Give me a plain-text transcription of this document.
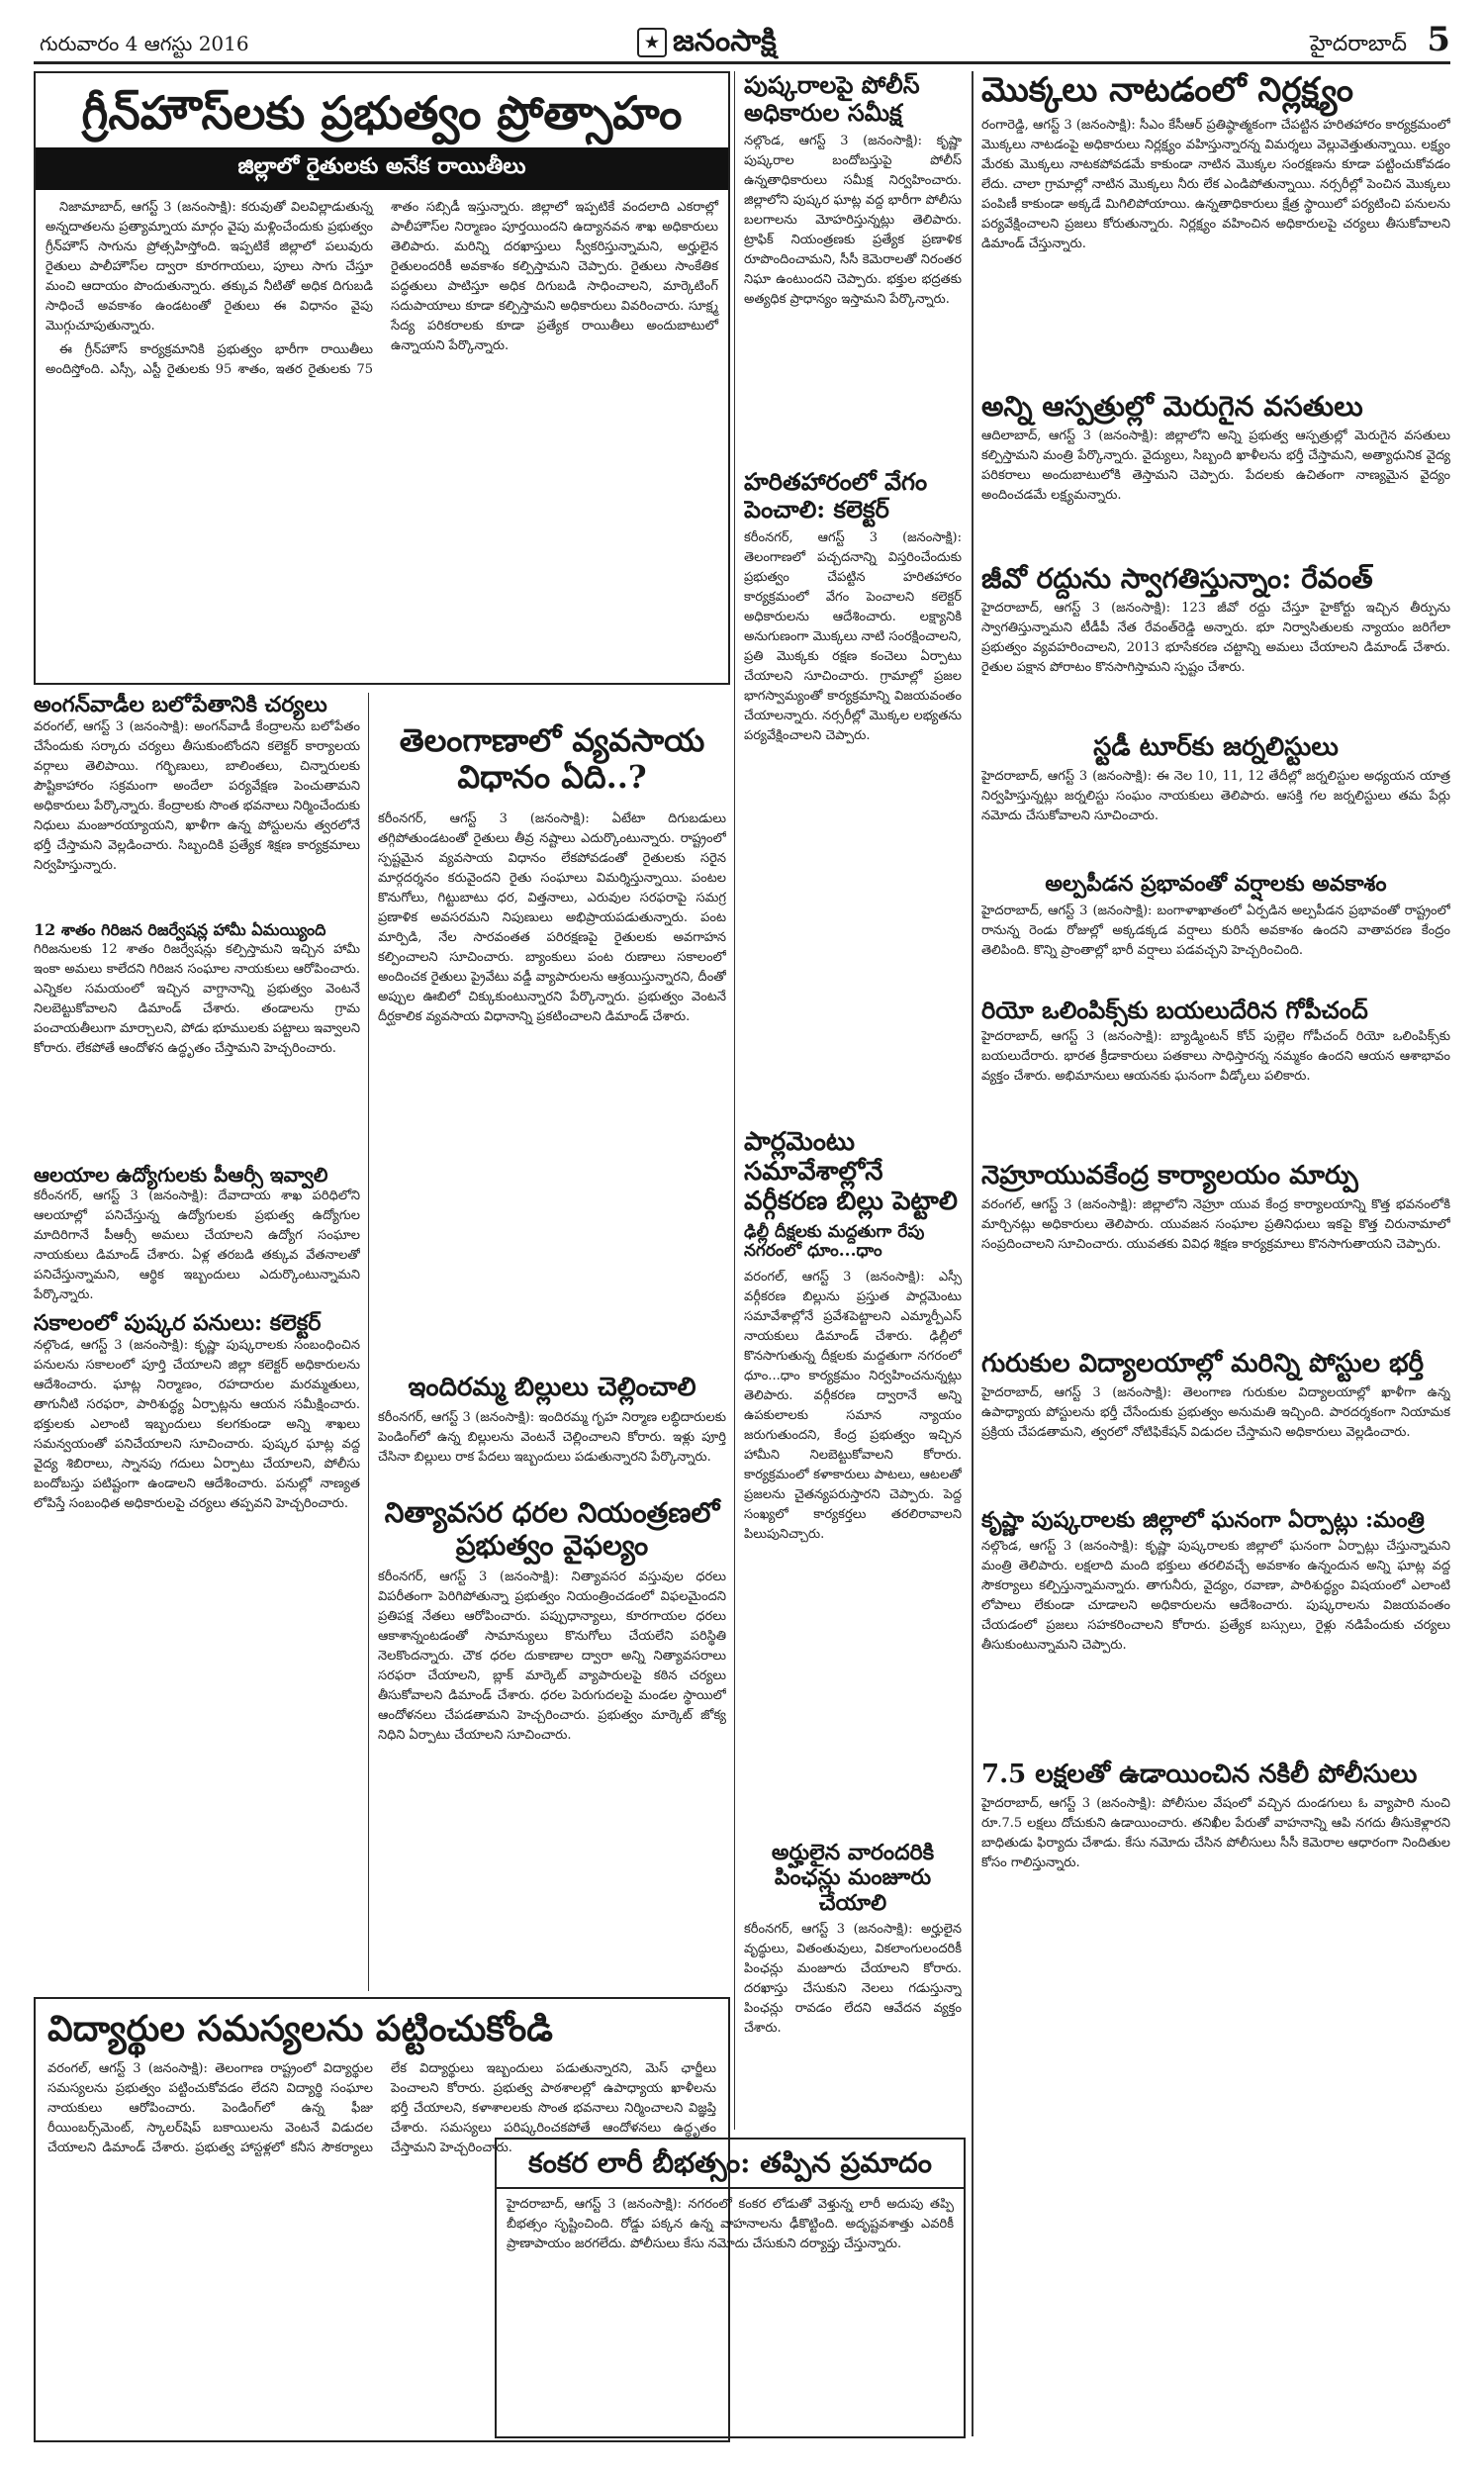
గురువారం 4 ఆగస్టు 2016	★ జనంసాక్షి	హైదరాబాద్ 5
గ్రీన్‌హౌస్‌లకు ప్రభుత్వం ప్రోత్సాహం
జిల్లాలో రైతులకు అనేక రాయితీలు

నిజామాబాద్, ఆగస్ట్ 3 (జనంసాక్షి): కరువుతో విలవిల్లాడుతున్న అన్నదాతలను ప్రత్యామ్నాయ మార్గం వైపు మళ్లించేందుకు ప్రభుత్వం గ్రీన్‌హౌస్ సాగును ప్రోత్సహిస్తోంది. ఇప్పటికే జిల్లాలో పలువురు రైతులు పాలీహౌస్‌ల ద్వారా కూరగాయలు, పూలు సాగు చేస్తూ మంచి ఆదాయం పొందుతున్నారు. తక్కువ నీటితో అధిక దిగుబడి సాధించే అవకాశం ఉండటంతో రైతులు ఈ విధానం వైపు మొగ్గుచూపుతున్నారు.

ఈ గ్రీన్‌హౌస్ కార్యక్రమానికి ప్రభుత్వం భారీగా రాయితీలు అందిస్తోంది. ఎస్సీ, ఎస్టీ రైతులకు 95 శాతం, ఇతర రైతులకు 75 శాతం సబ్సిడీ ఇస్తున్నారు. జిల్లాలో ఇప్పటికే వందలాది ఎకరాల్లో పాలీహౌస్‌ల నిర్మాణం పూర్తయిందని ఉద్యానవన శాఖ అధికారులు తెలిపారు. మరిన్ని దరఖాస్తులు స్వీకరిస్తున్నామని, అర్హులైన రైతులందరికీ అవకాశం కల్పిస్తామని చెప్పారు. రైతులు సాంకేతిక పద్ధతులు పాటిస్తూ అధిక దిగుబడి సాధించాలని, మార్కెటింగ్ సదుపాయాలు కూడా కల్పిస్తామని అధికారులు వివరించారు. సూక్ష్మ సేద్య పరికరాలకు కూడా ప్రత్యేక రాయితీలు అందుబాటులో ఉన్నాయని పేర్కొన్నారు.

అంగన్‌వాడీల బలోపేతానికి చర్యలు
వరంగల్, ఆగస్ట్ 3 (జనంసాక్షి): అంగన్‌వాడీ కేంద్రాలను బలోపేతం చేసేందుకు సర్కారు చర్యలు తీసుకుంటోందని కలెక్టర్ కార్యాలయ వర్గాలు తెలిపాయి. గర్భిణులు, బాలింతలు, చిన్నారులకు పౌష్టికాహారం సక్రమంగా అందేలా పర్యవేక్షణ పెంచుతామని అధికారులు పేర్కొన్నారు. కేంద్రాలకు సొంత భవనాలు నిర్మించేందుకు నిధులు మంజూరయ్యాయని, ఖాళీగా ఉన్న పోస్టులను త్వరలోనే భర్తీ చేస్తామని వెల్లడించారు. సిబ్బందికి ప్రత్యేక శిక్షణ కార్యక్రమాలు నిర్వహిస్తున్నారు.
12 శాతం గిరిజన రిజర్వేషన్ల హామీ ఏమయ్యింది
గిరిజనులకు 12 శాతం రిజర్వేషన్లు కల్పిస్తామని ఇచ్చిన హామీ ఇంకా అమలు కాలేదని గిరిజన సంఘాల నాయకులు ఆరోపించారు. ఎన్నికల సమయంలో ఇచ్చిన వాగ్దానాన్ని ప్రభుత్వం వెంటనే నిలబెట్టుకోవాలని డిమాండ్ చేశారు. తండాలను గ్రామ పంచాయతీలుగా మార్చాలని, పోడు భూములకు పట్టాలు ఇవ్వాలని కోరారు. లేకపోతే ఆందోళన ఉద్ధృతం చేస్తామని హెచ్చరించారు.
ఆలయాల ఉద్యోగులకు పీఆర్సీ ఇవ్వాలి
కరీంనగర్, ఆగస్ట్ 3 (జనంసాక్షి): దేవాదాయ శాఖ పరిధిలోని ఆలయాల్లో పనిచేస్తున్న ఉద్యోగులకు ప్రభుత్వ ఉద్యోగుల మాదిరిగానే పీఆర్సీ అమలు చేయాలని ఉద్యోగ సంఘాల నాయకులు డిమాండ్ చేశారు. ఏళ్ల తరబడి తక్కువ వేతనాలతో పనిచేస్తున్నామని, ఆర్థిక ఇబ్బందులు ఎదుర్కొంటున్నామని పేర్కొన్నారు.
సకాలంలో పుష్కర పనులు: కలెక్టర్
నల్గొండ, ఆగస్ట్ 3 (జనంసాక్షి): కృష్ణా పుష్కరాలకు సంబంధించిన పనులను సకాలంలో పూర్తి చేయాలని జిల్లా కలెక్టర్ అధికారులను ఆదేశించారు. ఘాట్ల నిర్మాణం, రహదారుల మరమ్మతులు, తాగునీటి సరఫరా, పారిశుద్ధ్య ఏర్పాట్లను ఆయన సమీక్షించారు. భక్తులకు ఎలాంటి ఇబ్బందులు కలగకుండా అన్ని శాఖలు సమన్వయంతో పనిచేయాలని సూచించారు. పుష్కర ఘాట్ల వద్ద వైద్య శిబిరాలు, స్నానపు గదులు ఏర్పాటు చేయాలని, పోలీసు బందోబస్తు పటిష్టంగా ఉండాలని ఆదేశించారు. పనుల్లో నాణ్యత లోపిస్తే సంబంధిత అధికారులపై చర్యలు తప్పవని హెచ్చరించారు.
తెలంగాణాలో వ్యవసాయ విధానం ఏది..?
కరీంనగర్, ఆగస్ట్ 3 (జనంసాక్షి): ఏటేటా దిగుబడులు తగ్గిపోతుండటంతో రైతులు తీవ్ర నష్టాలు ఎదుర్కొంటున్నారు. రాష్ట్రంలో స్పష్టమైన వ్యవసాయ విధానం లేకపోవడంతో రైతులకు సరైన మార్గదర్శనం కరువైందని రైతు సంఘాలు విమర్శిస్తున్నాయి. పంటల కొనుగోలు, గిట్టుబాటు ధర, విత్తనాలు, ఎరువుల సరఫరాపై సమగ్ర ప్రణాళిక అవసరమని నిపుణులు అభిప్రాయపడుతున్నారు. పంట మార్పిడి, నేల సారవంతత పరిరక్షణపై రైతులకు అవగాహన కల్పించాలని సూచించారు. బ్యాంకులు పంట రుణాలు సకాలంలో అందించక రైతులు ప్రైవేటు వడ్డీ వ్యాపారులను ఆశ్రయిస్తున్నారని, దీంతో అప్పుల ఊబిలో చిక్కుకుంటున్నారని పేర్కొన్నారు. ప్రభుత్వం వెంటనే దీర్ఘకాలిక వ్యవసాయ విధానాన్ని ప్రకటించాలని డిమాండ్ చేశారు.
ఇందిరమ్మ బిల్లులు చెల్లించాలి
కరీంనగర్, ఆగస్ట్ 3 (జనంసాక్షి): ఇందిరమ్మ గృహ నిర్మాణ లబ్ధిదారులకు పెండింగ్‌లో ఉన్న బిల్లులను వెంటనే చెల్లించాలని కోరారు. ఇళ్లు పూర్తి చేసినా బిల్లులు రాక పేదలు ఇబ్బందులు పడుతున్నారని పేర్కొన్నారు.
నిత్యావసర ధరల నియంత్రణలో ప్రభుత్వం వైఫల్యం
కరీంనగర్, ఆగస్ట్ 3 (జనంసాక్షి): నిత్యావసర వస్తువుల ధరలు విపరీతంగా పెరిగిపోతున్నా ప్రభుత్వం నియంత్రించడంలో విఫలమైందని ప్రతిపక్ష నేతలు ఆరోపించారు. పప్పుధాన్యాలు, కూరగాయల ధరలు ఆకాశాన్నంటడంతో సామాన్యులు కొనుగోలు చేయలేని పరిస్థితి నెలకొందన్నారు. చౌక ధరల దుకాణాల ద్వారా అన్ని నిత్యావసరాలు సరఫరా చేయాలని, బ్లాక్ మార్కెట్ వ్యాపారులపై కఠిన చర్యలు తీసుకోవాలని డిమాండ్ చేశారు. ధరల పెరుగుదలపై మండల స్థాయిలో ఆందోళనలు చేపడతామని హెచ్చరించారు. ప్రభుత్వం మార్కెట్ జోక్య నిధిని ఏర్పాటు చేయాలని సూచించారు.
పుష్కరాలపై పోలీస్ అధికారుల సమీక్ష
నల్గొండ, ఆగస్ట్ 3 (జనంసాక్షి): కృష్ణా పుష్కరాల బందోబస్తుపై పోలీస్ ఉన్నతాధికారులు సమీక్ష నిర్వహించారు. జిల్లాలోని పుష్కర ఘాట్ల వద్ద భారీగా పోలీసు బలగాలను మోహరిస్తున్నట్లు తెలిపారు. ట్రాఫిక్ నియంత్రణకు ప్రత్యేక ప్రణాళిక రూపొందించామని, సీసీ కెమెరాలతో నిరంతర నిఘా ఉంటుందని చెప్పారు. భక్తుల భద్రతకు అత్యధిక ప్రాధాన్యం ఇస్తామని పేర్కొన్నారు.
హరితహారంలో వేగం పెంచాలి: కలెక్టర్
కరీంనగర్, ఆగస్ట్ 3 (జనంసాక్షి): తెలంగాణలో పచ్చదనాన్ని విస్తరించేందుకు ప్రభుత్వం చేపట్టిన హరితహారం కార్యక్రమంలో వేగం పెంచాలని కలెక్టర్ అధికారులను ఆదేశించారు. లక్ష్యానికి అనుగుణంగా మొక్కలు నాటి సంరక్షించాలని, ప్రతి మొక్కకు రక్షణ కంచెలు ఏర్పాటు చేయాలని సూచించారు. గ్రామాల్లో ప్రజల భాగస్వామ్యంతో కార్యక్రమాన్ని విజయవంతం చేయాలన్నారు. నర్సరీల్లో మొక్కల లభ్యతను పర్యవేక్షించాలని చెప్పారు.
పార్లమెంటు సమావేశాల్లోనే వర్గీకరణ బిల్లు పెట్టాలి
ఢిల్లీ దీక్షలకు మద్దతుగా రేపు నగరంలో ధూం...ధాం
వరంగల్, ఆగస్ట్ 3 (జనంసాక్షి): ఎస్సీ వర్గీకరణ బిల్లును ప్రస్తుత పార్లమెంటు సమావేశాల్లోనే ప్రవేశపెట్టాలని ఎమ్మార్పీఎస్ నాయకులు డిమాండ్ చేశారు. ఢిల్లీలో కొనసాగుతున్న దీక్షలకు మద్దతుగా నగరంలో ధూం...ధాం కార్యక్రమం నిర్వహించనున్నట్లు తెలిపారు. వర్గీకరణ ద్వారానే అన్ని ఉపకులాలకు సమాన న్యాయం జరుగుతుందని, కేంద్ర ప్రభుత్వం ఇచ్చిన హామీని నిలబెట్టుకోవాలని కోరారు. కార్యక్రమంలో కళాకారులు పాటలు, ఆటలతో ప్రజలను చైతన్యపరుస్తారని చెప్పారు. పెద్ద సంఖ్యలో కార్యకర్తలు తరలిరావాలని పిలుపునిచ్చారు.
అర్హులైన వారందరికి పింఛన్లు మంజూరు చేయాలి
కరీంనగర్, ఆగస్ట్ 3 (జనంసాక్షి): అర్హులైన వృద్ధులు, వితంతువులు, వికలాంగులందరికీ పింఛన్లు మంజూరు చేయాలని కోరారు. దరఖాస్తు చేసుకుని నెలలు గడుస్తున్నా పింఛన్లు రావడం లేదని ఆవేదన వ్యక్తం చేశారు.
విద్యార్థుల సమస్యలను పట్టించుకోండి
వరంగల్, ఆగస్ట్ 3 (జనంసాక్షి): తెలంగాణ రాష్ట్రంలో విద్యార్థుల సమస్యలను ప్రభుత్వం పట్టించుకోవడం లేదని విద్యార్థి సంఘాల నాయకులు ఆరోపించారు. పెండింగ్‌లో ఉన్న ఫీజు రీయింబర్స్‌మెంట్, స్కాలర్‌షిప్ బకాయిలను వెంటనే విడుదల చేయాలని డిమాండ్ చేశారు. ప్రభుత్వ హాస్టళ్లలో కనీస సౌకర్యాలు లేక విద్యార్థులు ఇబ్బందులు పడుతున్నారని, మెస్ ఛార్జీలు పెంచాలని కోరారు. ప్రభుత్వ పాఠశాలల్లో ఉపాధ్యాయ ఖాళీలను భర్తీ చేయాలని, కళాశాలలకు సొంత భవనాలు నిర్మించాలని విజ్ఞప్తి చేశారు. సమస్యలు పరిష్కరించకపోతే ఆందోళనలు ఉద్ధృతం చేస్తామని హెచ్చరించారు. కంకర లారీ బీభత్సం: తప్పిన ప్రమాదం
హైదరాబాద్, ఆగస్ట్ 3 (జనంసాక్షి): నగరంలో కంకర లోడుతో వెళ్తున్న లారీ అదుపు తప్పి బీభత్సం సృష్టించింది. రోడ్డు పక్కన ఉన్న వాహనాలను ఢీకొట్టింది. అదృష్టవశాత్తు ఎవరికీ ప్రాణాపాయం జరగలేదు. పోలీసులు కేసు నమోదు చేసుకుని దర్యాప్తు చేస్తున్నారు.
మొక్కలు నాటడంలో నిర్లక్ష్యం
రంగారెడ్డి, ఆగస్ట్ 3 (జనంసాక్షి): సీఎం కేసీఆర్ ప్రతిష్ఠాత్మకంగా చేపట్టిన హరితహారం కార్యక్రమంలో మొక్కలు నాటడంపై అధికారులు నిర్లక్ష్యం వహిస్తున్నారన్న విమర్శలు వెల్లువెత్తుతున్నాయి. లక్ష్యం మేరకు మొక్కలు నాటకపోవడమే కాకుండా నాటిన మొక్కల సంరక్షణను కూడా పట్టించుకోవడం లేదు. చాలా గ్రామాల్లో నాటిన మొక్కలు నీరు లేక ఎండిపోతున్నాయి. నర్సరీల్లో పెంచిన మొక్కలు పంపిణీ కాకుండా అక్కడే మిగిలిపోయాయి. ఉన్నతాధికారులు క్షేత్ర స్థాయిలో పర్యటించి పనులను పర్యవేక్షించాలని ప్రజలు కోరుతున్నారు. నిర్లక్ష్యం వహించిన అధికారులపై చర్యలు తీసుకోవాలని డిమాండ్ చేస్తున్నారు.
అన్ని ఆస్పత్రుల్లో మెరుగైన వసతులు
ఆదిలాబాద్, ఆగస్ట్ 3 (జనంసాక్షి): జిల్లాలోని అన్ని ప్రభుత్వ ఆస్పత్రుల్లో మెరుగైన వసతులు కల్పిస్తామని మంత్రి పేర్కొన్నారు. వైద్యులు, సిబ్బంది ఖాళీలను భర్తీ చేస్తామని, అత్యాధునిక వైద్య పరికరాలు అందుబాటులోకి తెస్తామని చెప్పారు. పేదలకు ఉచితంగా నాణ్యమైన వైద్యం అందించడమే లక్ష్యమన్నారు.
జీవో రద్దును స్వాగతిస్తున్నాం: రేవంత్
హైదరాబాద్, ఆగస్ట్ 3 (జనంసాక్షి): 123 జీవో రద్దు చేస్తూ హైకోర్టు ఇచ్చిన తీర్పును స్వాగతిస్తున్నామని టీడీపీ నేత రేవంత్‌రెడ్డి అన్నారు. భూ నిర్వాసితులకు న్యాయం జరిగేలా ప్రభుత్వం వ్యవహరించాలని, 2013 భూసేకరణ చట్టాన్ని అమలు చేయాలని డిమాండ్ చేశారు. రైతుల పక్షాన పోరాటం కొనసాగిస్తామని స్పష్టం చేశారు.
స్టడీ టూర్‌కు జర్నలిస్టులు
హైదరాబాద్, ఆగస్ట్ 3 (జనంసాక్షి): ఈ నెల 10, 11, 12 తేదీల్లో జర్నలిస్టుల అధ్యయన యాత్ర నిర్వహిస్తున్నట్లు జర్నలిస్టు సంఘం నాయకులు తెలిపారు. ఆసక్తి గల జర్నలిస్టులు తమ పేర్లు నమోదు చేసుకోవాలని సూచించారు.
అల్పపీడన ప్రభావంతో వర్షాలకు అవకాశం
హైదరాబాద్, ఆగస్ట్ 3 (జనంసాక్షి): బంగాళాఖాతంలో ఏర్పడిన అల్పపీడన ప్రభావంతో రాష్ట్రంలో రానున్న రెండు రోజుల్లో అక్కడక్కడ వర్షాలు కురిసే అవకాశం ఉందని వాతావరణ కేంద్రం తెలిపింది. కొన్ని ప్రాంతాల్లో భారీ వర్షాలు పడవచ్చని హెచ్చరించింది.
రియో ఒలింపిక్స్‌కు బయలుదేరిన గోపీచంద్
హైదరాబాద్, ఆగస్ట్ 3 (జనంసాక్షి): బ్యాడ్మింటన్ కోచ్ పుల్లెల గోపీచంద్ రియో ఒలింపిక్స్‌కు బయలుదేరారు. భారత క్రీడాకారులు పతకాలు సాధిస్తారన్న నమ్మకం ఉందని ఆయన ఆశాభావం వ్యక్తం చేశారు. అభిమానులు ఆయనకు ఘనంగా వీడ్కోలు పలికారు.
నెహ్రూయువకేంద్ర కార్యాలయం మార్పు
వరంగల్, ఆగస్ట్ 3 (జనంసాక్షి): జిల్లాలోని నెహ్రూ యువ కేంద్ర కార్యాలయాన్ని కొత్త భవనంలోకి మార్చినట్లు అధికారులు తెలిపారు. యువజన సంఘాల ప్రతినిధులు ఇకపై కొత్త చిరునామాలో సంప్రదించాలని సూచించారు. యువతకు వివిధ శిక్షణ కార్యక్రమాలు కొనసాగుతాయని చెప్పారు.
గురుకుల విద్యాలయాల్లో మరిన్ని పోస్టుల భర్తీ
హైదరాబాద్, ఆగస్ట్ 3 (జనంసాక్షి): తెలంగాణ గురుకుల విద్యాలయాల్లో ఖాళీగా ఉన్న ఉపాధ్యాయ పోస్టులను భర్తీ చేసేందుకు ప్రభుత్వం అనుమతి ఇచ్చింది. పారదర్శకంగా నియామక ప్రక్రియ చేపడతామని, త్వరలో నోటిఫికేషన్ విడుదల చేస్తామని అధికారులు వెల్లడించారు.
కృష్ణా పుష్కరాలకు జిల్లాలో ఘనంగా ఏర్పాట్లు :మంత్రి
నల్గొండ, ఆగస్ట్ 3 (జనంసాక్షి): కృష్ణా పుష్కరాలకు జిల్లాలో ఘనంగా ఏర్పాట్లు చేస్తున్నామని మంత్రి తెలిపారు. లక్షలాది మంది భక్తులు తరలివచ్చే అవకాశం ఉన్నందున అన్ని ఘాట్ల వద్ద సౌకర్యాలు కల్పిస్తున్నామన్నారు. తాగునీరు, వైద్యం, రవాణా, పారిశుద్ధ్యం విషయంలో ఎలాంటి లోపాలు లేకుండా చూడాలని అధికారులను ఆదేశించారు. పుష్కరాలను విజయవంతం చేయడంలో ప్రజలు సహకరించాలని కోరారు. ప్రత్యేక బస్సులు, రైళ్లు నడిపేందుకు చర్యలు తీసుకుంటున్నామని చెప్పారు.
7.5 లక్షలతో ఉడాయించిన నకిలీ పోలీసులు
హైదరాబాద్, ఆగస్ట్ 3 (జనంసాక్షి): పోలీసుల వేషంలో వచ్చిన దుండగులు ఓ వ్యాపారి నుంచి రూ.7.5 లక్షలు దోచుకుని ఉడాయించారు. తనిఖీల పేరుతో వాహనాన్ని ఆపి నగదు తీసుకెళ్లారని బాధితుడు ఫిర్యాదు చేశాడు. కేసు నమోదు చేసిన పోలీసులు సీసీ కెమెరాల ఆధారంగా నిందితుల కోసం గాలిస్తున్నారు.
